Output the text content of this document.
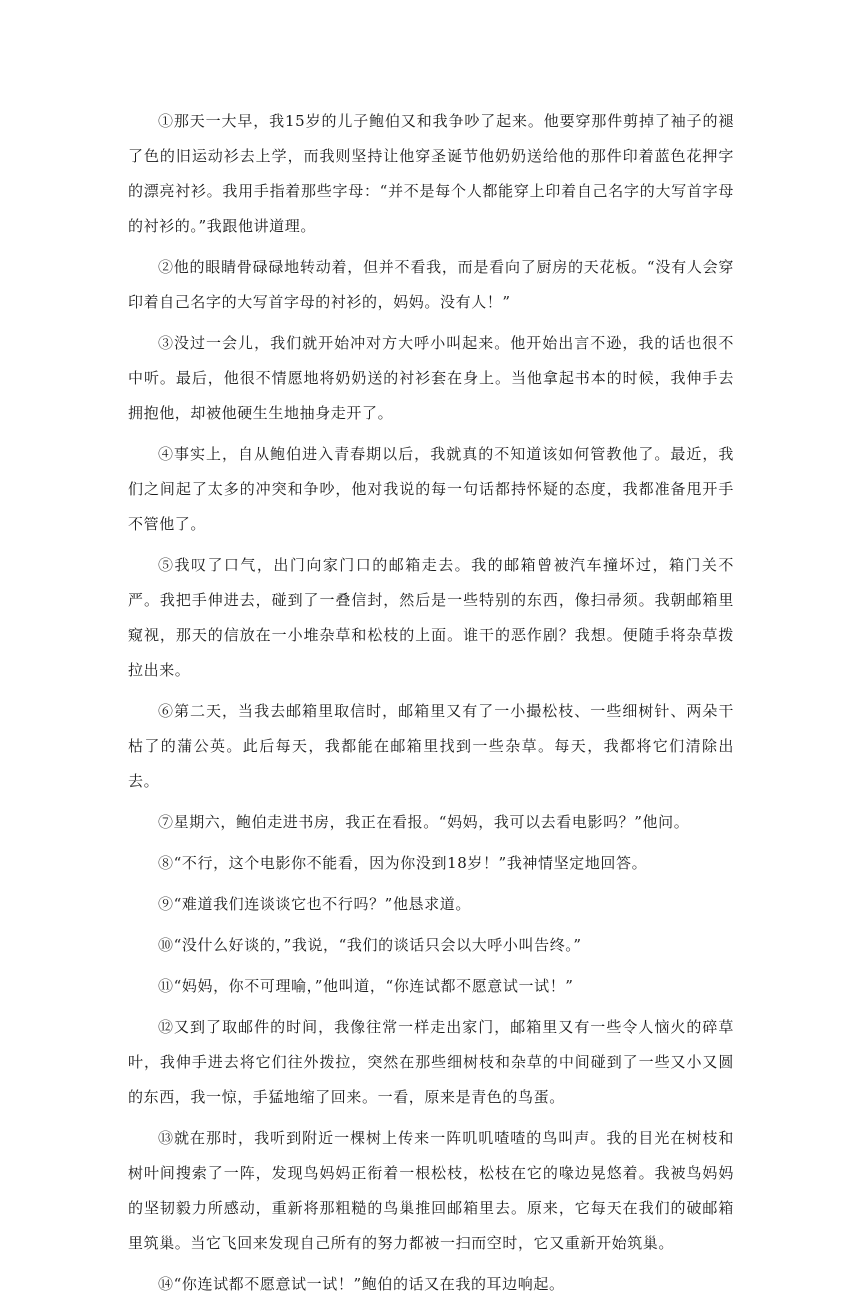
①那天一大早，我15岁的儿子鲍伯又和我争吵了起来。他要穿那件剪掉了袖子的褪了色的旧运动衫去上学，而我则坚持让他穿圣诞节他奶奶送给他的那件印着蓝色花押字的漂亮衬衫。我用手指着那些字母：“并不是每个人都能穿上印着自己名字的大写首字母的衬衫的。”我跟他讲道理。

②他的眼睛骨碌碌地转动着，但并不看我，而是看向了厨房的天花板。“没有人会穿印着自己名字的大写首字母的衬衫的，妈妈。没有人！”

③没过一会儿，我们就开始冲对方大呼小叫起来。他开始出言不逊，我的话也很不中听。最后，他很不情愿地将奶奶送的衬衫套在身上。当他拿起书本的时候，我伸手去拥抱他，却被他硬生生地抽身走开了。

④事实上，自从鲍伯进入青春期以后，我就真的不知道该如何管教他了。最近，我们之间起了太多的冲突和争吵，他对我说的每一句话都持怀疑的态度，我都准备甩开手不管他了。

⑤我叹了口气，出门向家门口的邮箱走去。我的邮箱曾被汽车撞坏过，箱门关不严。我把手伸进去，碰到了一叠信封，然后是一些特别的东西，像扫帚须。我朝邮箱里窥视，那天的信放在一小堆杂草和松枝的上面。谁干的恶作剧？我想。便随手将杂草拨拉出来。

⑥第二天，当我去邮箱里取信时，邮箱里又有了一小撮松枝、一些细树针、两朵干枯了的蒲公英。此后每天，我都能在邮箱里找到一些杂草。每天，我都将它们清除出去。

⑦星期六，鲍伯走进书房，我正在看报。“妈妈，我可以去看电影吗？”他问。

⑧“不行，这个电影你不能看，因为你没到18岁！”我神情坚定地回答。

⑨“难道我们连谈谈它也不行吗？”他恳求道。

⑩“没什么好谈的，”我说，“我们的谈话只会以大呼小叫告终。”

⑪“妈妈，你不可理喻，”他叫道，“你连试都不愿意试一试！”

⑫又到了取邮件的时间，我像往常一样走出家门，邮箱里又有一些令人恼火的碎草叶，我伸手进去将它们往外拨拉，突然在那些细树枝和杂草的中间碰到了一些又小又圆的东西，我一惊，手猛地缩了回来。一看，原来是青色的鸟蛋。

⑬就在那时，我听到附近一棵树上传来一阵叽叽喳喳的鸟叫声。我的目光在树枝和树叶间搜索了一阵，发现鸟妈妈正衔着一根松枝，松枝在它的喙边晃悠着。我被鸟妈妈的坚韧毅力所感动，重新将那粗糙的鸟巢推回邮箱里去。原来，它每天在我们的破邮箱里筑巢。当它飞回来发现自己所有的努力都被一扫而空时，它又重新开始筑巢。

⑭“你连试都不愿意试一试！”鲍伯的话又在我的耳边响起。
